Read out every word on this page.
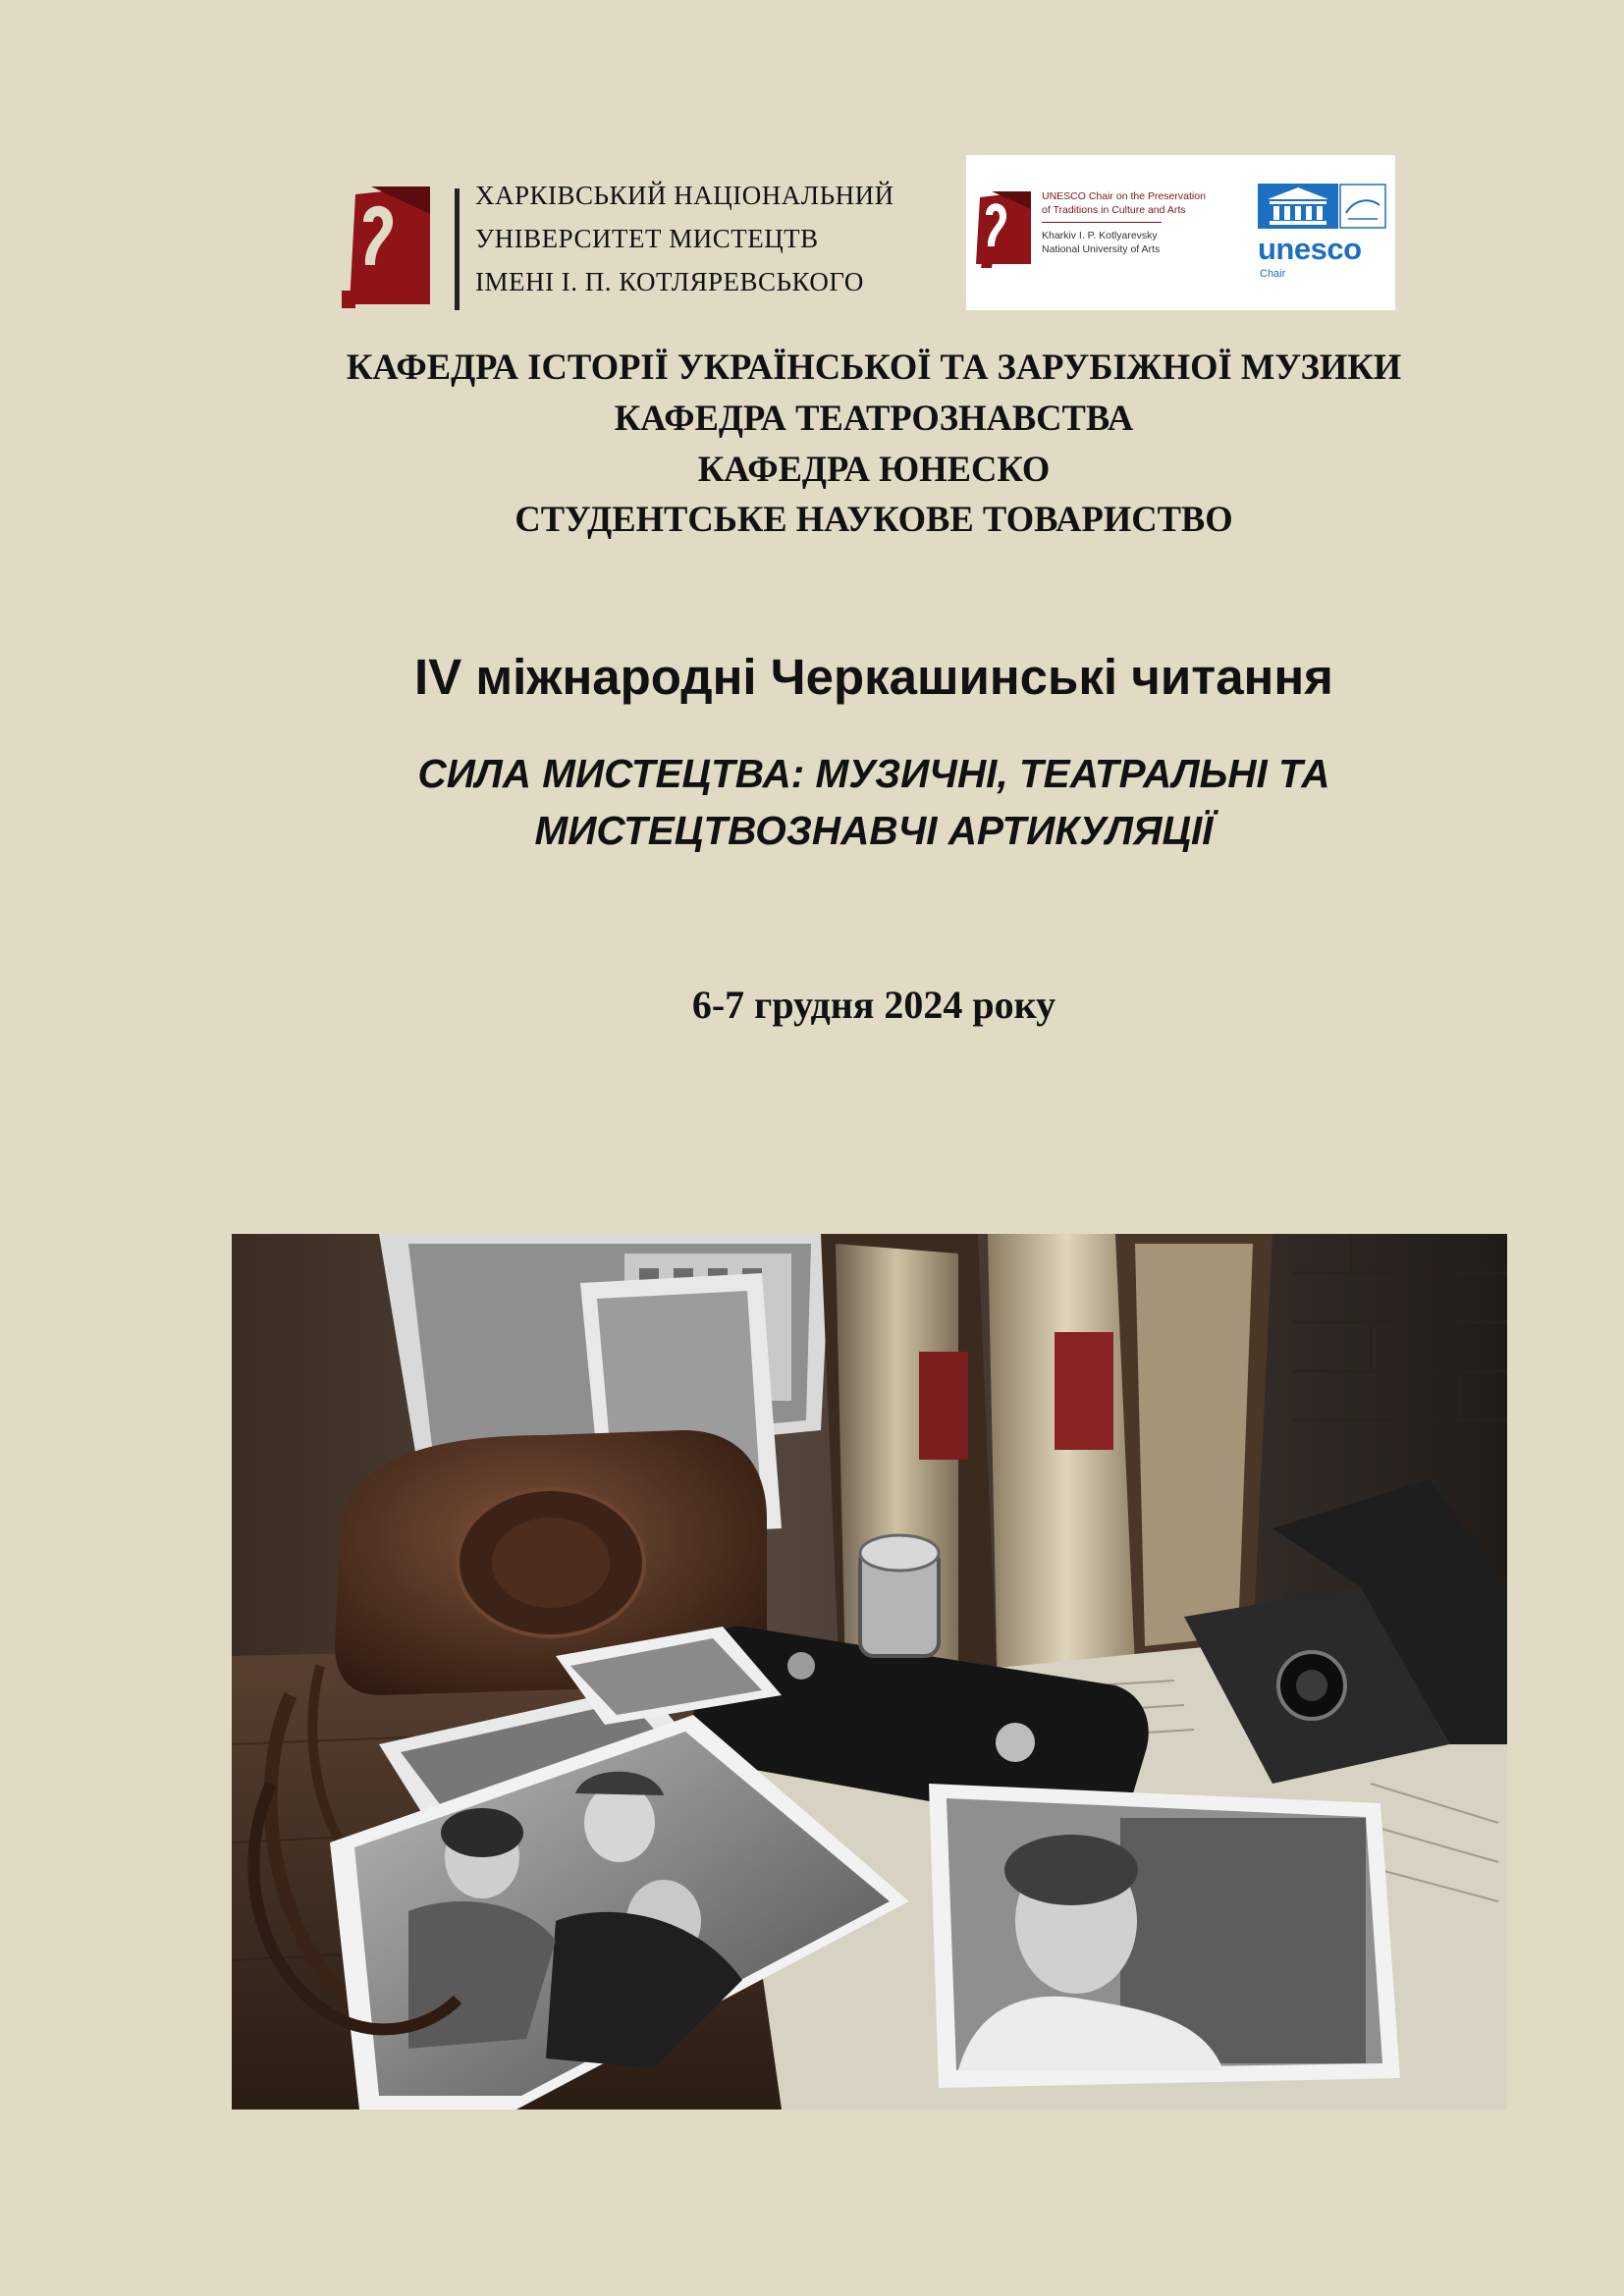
ХАРКІВСЬКИЙ НАЦІОНАЛЬНИЙ
УНІВЕРСИТЕТ МИСТЕЦТВ
ІМЕНІ І. П. КОТЛЯРЕВСЬКОГО
UNESCO Chair on the Preservation
of Traditions in Culture and Arts
Kharkiv I. P. Kotlyarevsky
National University of Arts	unesco
Chair
КАФЕДРА ІСТОРІЇ УКРАЇНСЬКОЇ ТА ЗАРУБІЖНОЇ МУЗИКИ
КАФЕДРА ТЕАТРОЗНАВСТВА
КАФЕДРА ЮНЕСКО
СТУДЕНТСЬКЕ НАУКОВЕ ТОВАРИСТВО
ІV міжнародні Черкашинські читання
СИЛА МИСТЕЦТВА: МУЗИЧНІ, ТЕАТРАЛЬНІ ТА
МИСТЕЦТВОЗНАВЧІ АРТИКУЛЯЦІЇ
6-7 грудня 2024 року
